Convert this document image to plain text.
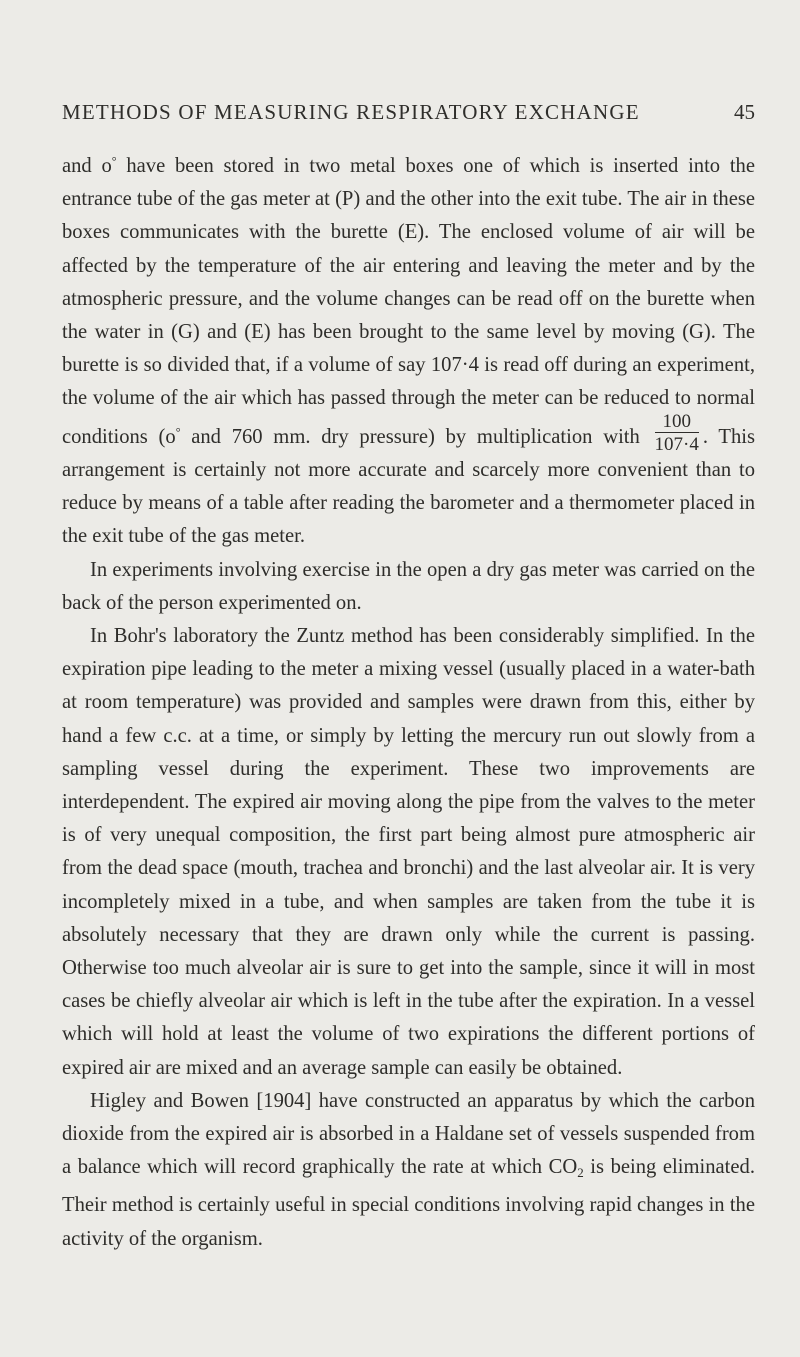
METHODS OF MEASURING RESPIRATORY EXCHANGE	45

and o° have been stored in two metal boxes one of which is inserted into the entrance tube of the gas meter at (P) and the other into the exit tube. The air in these boxes communicates with the burette (E). The enclosed volume of air will be affected by the temperature of the air entering and leaving the meter and by the atmospheric pressure, and the volume changes can be read off on the burette when the water in (G) and (E) has been brought to the same level by moving (G). The burette is so divided that, if a volume of say 107·4 is read off during an experiment, the volume of the air which has passed through the meter can be reduced to normal conditions (o° and 760 mm. dry pressure) by multiplication with $\frac{100}{107\cdot 4}$ . This arrangement is certainly not more accurate and scarcely more convenient than to reduce by means of a table after reading the barometer and a thermometer placed in the exit tube of the gas meter.

In experiments involving exercise in the open a dry gas meter was carried on the back of the person experimented on.

In Bohr's laboratory the Zuntz method has been considerably simplified. In the expiration pipe leading to the meter a mixing vessel (usually placed in a water-bath at room temperature) was provided and samples were drawn from this, either by hand a few c.c. at a time, or simply by letting the mercury run out slowly from a sampling vessel during the experiment. These two improvements are interdependent. The expired air moving along the pipe from the valves to the meter is of very unequal composition, the first part being almost pure atmospheric air from the dead space (mouth, trachea and bronchi) and the last alveolar air. It is very incompletely mixed in a tube, and when samples are taken from the tube it is absolutely necessary that they are drawn only while the current is passing. Otherwise too much alveolar air is sure to get into the sample, since it will in most cases be chiefly alveolar air which is left in the tube after the expiration. In a vessel which will hold at least the volume of two expirations the different portions of expired air are mixed and an average sample can easily be obtained.

Higley and Bowen [1904] have constructed an apparatus by which the carbon dioxide from the expired air is absorbed in a Haldane set of vessels suspended from a balance which will record graphically the rate at which $CO_2$ is being eliminated. Their method is certainly useful in special conditions involving rapid changes in the activity of the organism.
